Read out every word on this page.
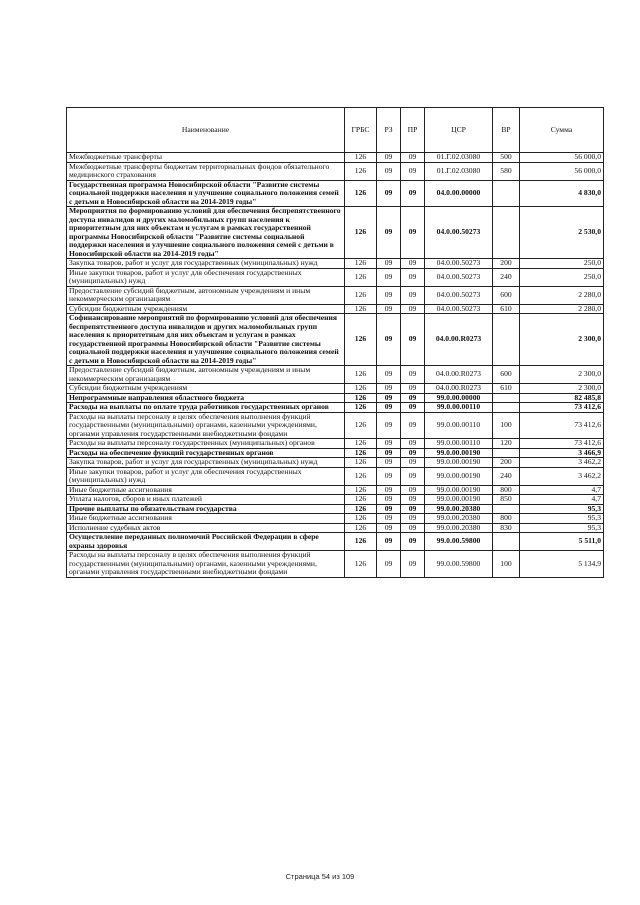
Наименование	ГРБС	РЗ	ПР	ЦСР	ВР	Сумма
Межбюджетные трансферты	126	09	09	01.Г.02.03080	500	56 000,0
Межбюджетные трансферты бюджетам территориальных фондов обязательного медицинского страхования	126	09	09	01.Г.02.03080	580	56 000,0
Государственная программа Новосибирской области "Развитие системы социальной поддержки населения и улучшение социального положения семей с детьми в Новосибирской области на 2014-2019 годы"	126	09	09	04.0.00.00000		4 830,0
Мероприятия по формированию условий для обеспечения беспрепятственного доступа инвалидов и других маломобильных групп населения к приоритетным для них объектам и услугам в рамках государственной программы Новосибирской области "Развитие системы социальной поддержки населения и улучшение социального положения семей с детьми в Новосибирской области на 2014-2019 годы"	126	09	09	04.0.00.50273		2 530,0
Закупка товаров, работ и услуг для государственных (муниципальных) нужд	126	09	09	04.0.00.50273	200	250,0
Иные закупки товаров, работ и услуг для обеспечения государственных (муниципальных) нужд	126	09	09	04.0.00.50273	240	250,0
Предоставление субсидий бюджетным, автономным учреждениям и иным некоммерческим организациям	126	09	09	04.0.00.50273	600	2 280,0
Субсидии бюджетным учреждениям	126	09	09	04.0.00.50273	610	2 280,0
Софинансирование мероприятий по формированию условий для обеспечения беспрепятственного доступа инвалидов и других маломобильных групп населения к приоритетным для них объектам и услугам в рамках государственной программы Новосибирской области "Развитие системы социальной поддержки населения и улучшение социального положения семей с детьми в Новосибирской области на 2014-2019 годы"	126	09	09	04.0.00.R0273		2 300,0
Предоставление субсидий бюджетным, автономным учреждениям и иным некоммерческим организациям	126	09	09	04.0.00.R0273	600	2 300,0
Субсидии бюджетным учреждениям	126	09	09	04.0.00.R0273	610	2 300,0
Непрограммные направления областного бюджета	126	09	09	99.0.00.00000		82 485,8
Расходы на выплаты по оплате труда работников государственных органов	126	09	09	99.0.00.00110		73 412,6
Расходы на выплаты персоналу в целях обеспечения выполнения функций государственными (муниципальными) органами, казенными учреждениями, органами управления государственными внебюджетными фондами	126	09	09	99.0.00.00110	100	73 412,6
Расходы на выплаты персоналу государственных (муниципальных) органов	126	09	09	99.0.00.00110	120	73 412,6
Расходы на обеспечение функций государственных органов	126	09	09	99.0.00.00190		3 466,9
Закупка товаров, работ и услуг для государственных (муниципальных) нужд	126	09	09	99.0.00.00190	200	3 462,2
Иные закупки товаров, работ и услуг для обеспечения государственных (муниципальных) нужд	126	09	09	99.0.00.00190	240	3 462,2
Иные бюджетные ассигнования	126	09	09	99.0.00.00190	800	4,7
Уплата налогов, сборов и иных платежей	126	09	09	99.0.00.00190	850	4,7
Прочие выплаты по обязательствам государства	126	09	09	99.0.00.20380		95,3
Иные бюджетные ассигнования	126	09	09	99.0.00.20380	800	95,3
Исполнение судебных актов	126	09	09	99.0.00.20380	830	95,3
Осуществление переданных полномочий Российской Федерации в сфере охраны здоровья	126	09	09	99.0.00.59800		5 511,0
Расходы на выплаты персоналу в целях обеспечения выполнения функций государственными (муниципальными) органами, казенными учреждениями, органами управления государственными внебюджетными фондами	126	09	09	99.0.00.59800	100	5 134,9
Страница 54 из 109
